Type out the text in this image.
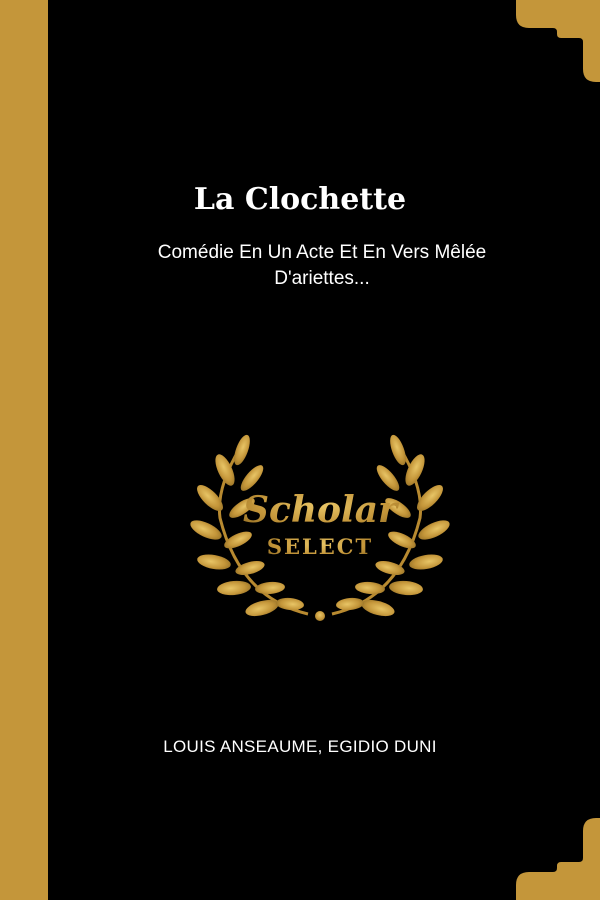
La Clochette

Comédie En Un Acte Et En Vers Mêlée D'ariettes...

Scholar
SELECT

LOUIS ANSEAUME, EGIDIO DUNI
